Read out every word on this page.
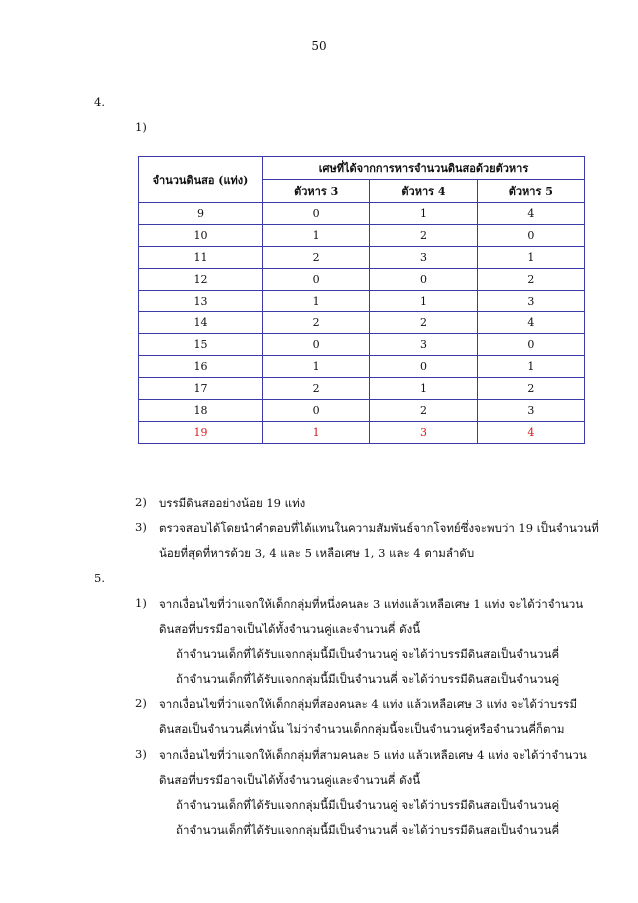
50
4.
1)
จำนวนดินสอ (แท่ง)	เศษที่ได้จากการหารจำนวนดินสอด้วยตัวหาร		
	ตัวหาร 3	ตัวหาร 4	ตัวหาร 5
9	0	1	4
10	1	2	0
11	2	3	1
12	0	0	2
13	1	1	3
14	2	2	4
15	0	3	0
16	1	0	1
17	2	1	2
18	0	2	3
19	1	3	4
2) บรรมีดินสออย่างน้อย 19 แท่ง
3) ตรวจสอบได้โดยนำคำตอบที่ได้แทนในความสัมพันธ์จากโจทย์ซึ่งจะพบว่า 19 เป็นจำนวนที่
น้อยที่สุดที่หารด้วย 3, 4 และ 5 เหลือเศษ 1, 3 และ 4 ตามลำดับ
5.
1) จากเงื่อนไขที่ว่าแจกให้เด็กกลุ่มที่หนึ่งคนละ 3 แท่งแล้วเหลือเศษ 1 แท่ง จะได้ว่าจำนวน
ดินสอที่บรรมีอาจเป็นได้ทั้งจำนวนคู่และจำนวนคี่ ดังนี้
ถ้าจำนวนเด็กที่ได้รับแจกกลุ่มนี้มีเป็นจำนวนคู่ จะได้ว่าบรรมีดินสอเป็นจำนวนคี่
ถ้าจำนวนเด็กที่ได้รับแจกกลุ่มนี้มีเป็นจำนวนคี่ จะได้ว่าบรรมีดินสอเป็นจำนวนคู่
2) จากเงื่อนไขที่ว่าแจกให้เด็กกลุ่มที่สองคนละ 4 แท่ง แล้วเหลือเศษ 3 แท่ง จะได้ว่าบรรมี
ดินสอเป็นจำนวนคี่เท่านั้น ไม่ว่าจำนวนเด็กกลุ่มนี้จะเป็นจำนวนคู่หรือจำนวนคี่ก็ตาม
3) จากเงื่อนไขที่ว่าแจกให้เด็กกลุ่มที่สามคนละ 5 แท่ง แล้วเหลือเศษ 4 แท่ง จะได้ว่าจำนวน
ดินสอที่บรรมีอาจเป็นได้ทั้งจำนวนคู่และจำนวนคี่ ดังนี้
ถ้าจำนวนเด็กที่ได้รับแจกกลุ่มนี้มีเป็นจำนวนคู่ จะได้ว่าบรรมีดินสอเป็นจำนวนคู่
ถ้าจำนวนเด็กที่ได้รับแจกกลุ่มนี้มีเป็นจำนวนคี่ จะได้ว่าบรรมีดินสอเป็นจำนวนคี่
